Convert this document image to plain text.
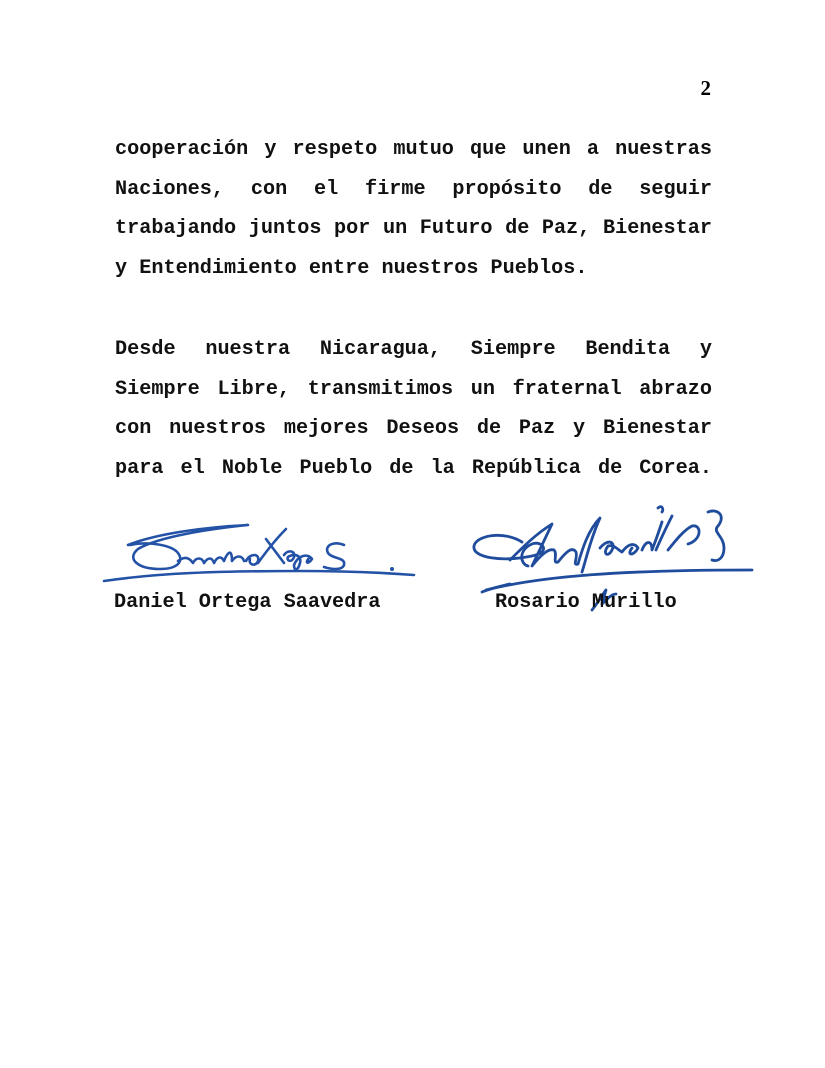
2
cooperación y respeto mutuo que unen a nuestras
Naciones, con el firme propósito de seguir
trabajando juntos por un Futuro de Paz, Bienestar
y Entendimiento entre nuestros Pueblos.
Desde nuestra Nicaragua, Siempre Bendita y
Siempre Libre, transmitimos un fraternal abrazo
con nuestros mejores Deseos de Paz y Bienestar
para el Noble Pueblo de la República de Corea.
Daniel Ortega Saavedra	Rosario Murillo
